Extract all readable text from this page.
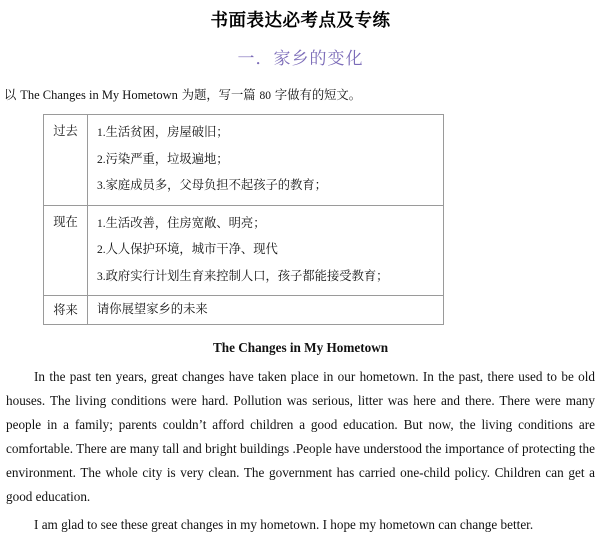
书面表达必考点及专练
一．家乡的变化

以 The Changes in My Hometown 为题，写一篇 80 字做有的短文。

过去	1.生活贫困，房屋破旧；

2.污染严重，垃圾遍地；

3.家庭成员多，父母负担不起孩子的教育；

现在	1.生活改善，住房宽敞、明亮；

2.人人保护环境，城市干净、现代

3.政府实行计划生育来控制人口，孩子都能接受教育；

将来	请你展望家乡的未来

The Changes in My Hometown

In the past ten years, great changes have taken place in our hometown. In the past, there used to be old houses. The living conditions were hard. Pollution was serious, litter was here and there. There were many people in a family; parents couldn’t afford children a good education. But now, the living conditions are comfortable. There are many tall and bright buildings .People have understood the importance of protecting the environment. The whole city is very clean. The government has carried one-child policy. Children can get a good education.

I am glad to see these great changes in my hometown. I hope my hometown can change better.
